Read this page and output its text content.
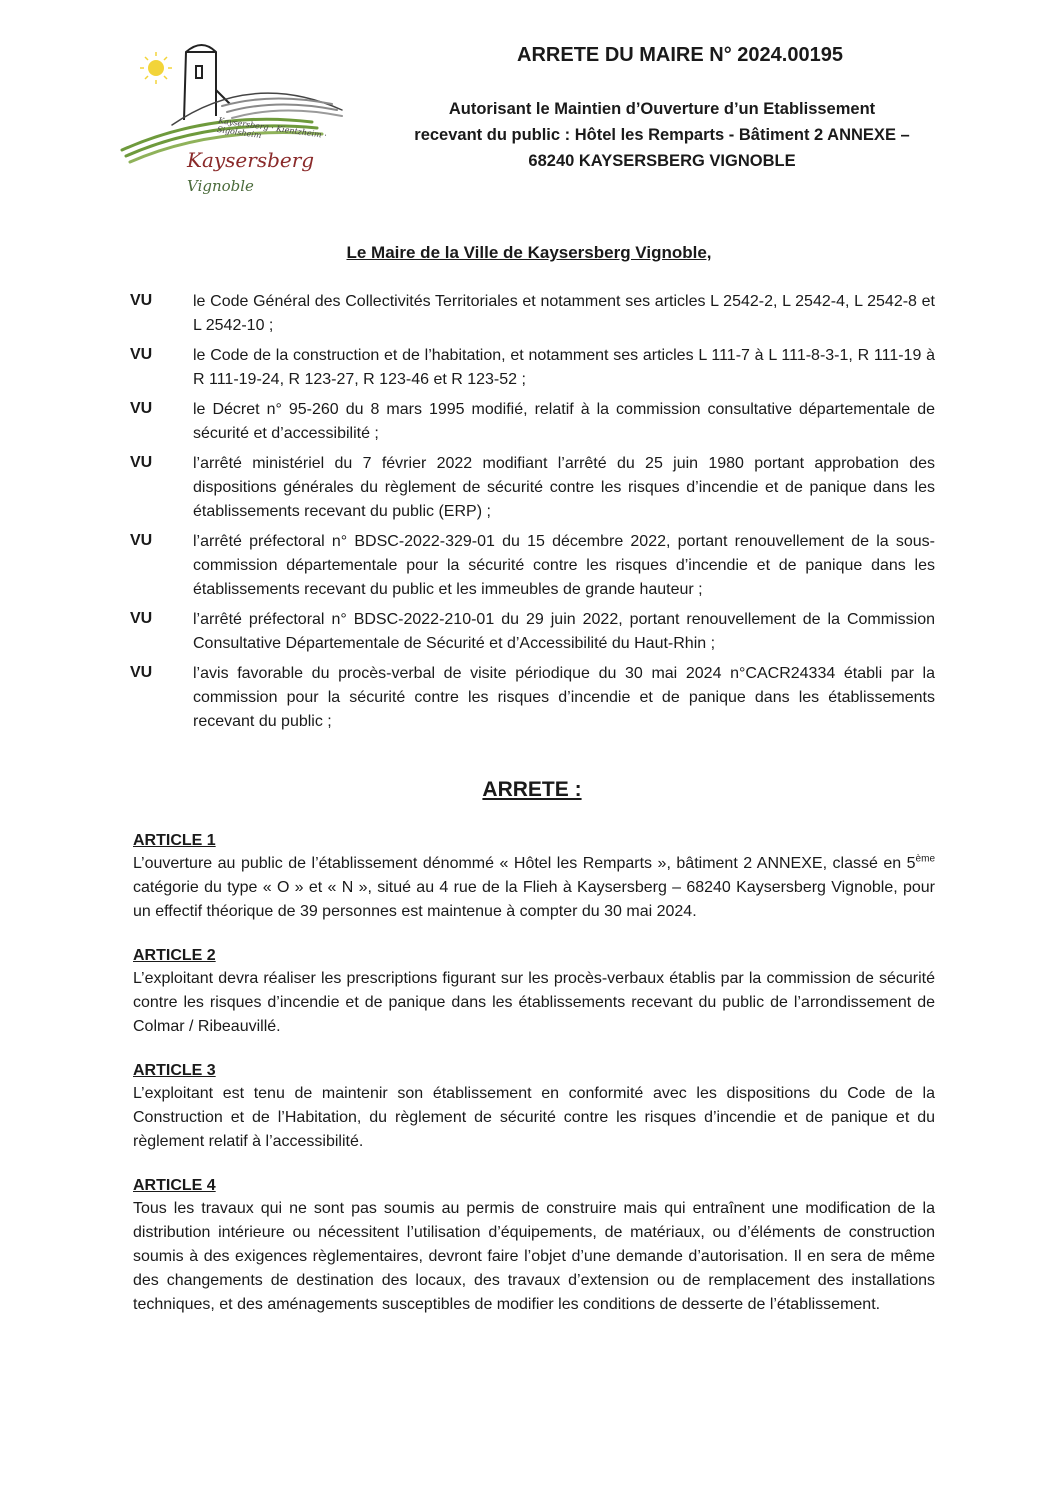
Kaysersberg · Kientzheim · Sigolsheim
Kaysersberg Vignoble
ARRETE DU MAIRE N° 2024.00195
Autorisant le Maintien d’Ouverture d’un Etablissement
recevant du public : Hôtel les Remparts - Bâtiment 2 ANNEXE –
68240 KAYSERSBERG VIGNOBLE
Le Maire de la Ville de Kaysersberg Vignoble,
VU	le Code Général des Collectivités Territoriales et notamment ses articles L 2542-2, L 2542-4, L 2542-8 et L 2542-10 ;
VU	le Code de la construction et de l’habitation, et notamment ses articles L 111-7 à L 111-8-3-1, R 111-19 à R 111-19-24, R 123-27, R 123-46 et R 123-52 ;
VU	le Décret n° 95-260 du 8 mars 1995 modifié, relatif à la commission consultative départementale de sécurité et d’accessibilité ;
VU	l’arrêté ministériel du 7 février 2022 modifiant l’arrêté du 25 juin 1980 portant approbation des dispositions générales du règlement de sécurité contre les risques d’incendie et de panique dans les établissements recevant du public (ERP) ;
VU	l’arrêté préfectoral n° BDSC-2022-329-01 du 15 décembre 2022, portant renouvellement de la sous-commission départementale pour la sécurité contre les risques d’incendie et de panique dans les établissements recevant du public et les immeubles de grande hauteur ;
VU	l’arrêté préfectoral n° BDSC-2022-210-01 du 29 juin 2022, portant renouvellement de la Commission Consultative Départementale de Sécurité et d’Accessibilité du Haut-Rhin ;
VU	l’avis favorable du procès-verbal de visite périodique du 30 mai 2024 n°CACR24334 établi par la commission pour la sécurité contre les risques d’incendie et de panique dans les établissements recevant du public ;
ARRETE :
ARTICLE 1
L’ouverture au public de l’établissement dénommé « Hôtel les Remparts », bâtiment 2 ANNEXE, classé en 5ème catégorie du type « O » et « N », situé au 4 rue de la Flieh à Kaysersberg – 68240 Kaysersberg Vignoble, pour un effectif théorique de 39 personnes est maintenue à compter du 30 mai 2024.
ARTICLE 2
L’exploitant devra réaliser les prescriptions figurant sur les procès-verbaux établis par la commission de sécurité contre les risques d’incendie et de panique dans les établissements recevant du public de l’arrondissement de Colmar / Ribeauvillé.
ARTICLE 3
L’exploitant est tenu de maintenir son établissement en conformité avec les dispositions du Code de la Construction et de l’Habitation, du règlement de sécurité contre les risques d’incendie et de panique et du règlement relatif à l’accessibilité.
ARTICLE 4
Tous les travaux qui ne sont pas soumis au permis de construire mais qui entraînent une modification de la distribution intérieure ou nécessitent l’utilisation d’équipements, de matériaux, ou d’éléments de construction soumis à des exigences règlementaires, devront faire l’objet d’une demande d’autorisation. Il en sera de même des changements de destination des locaux, des travaux d’extension ou de remplacement des installations techniques, et des aménagements susceptibles de modifier les conditions de desserte de l’établissement.
